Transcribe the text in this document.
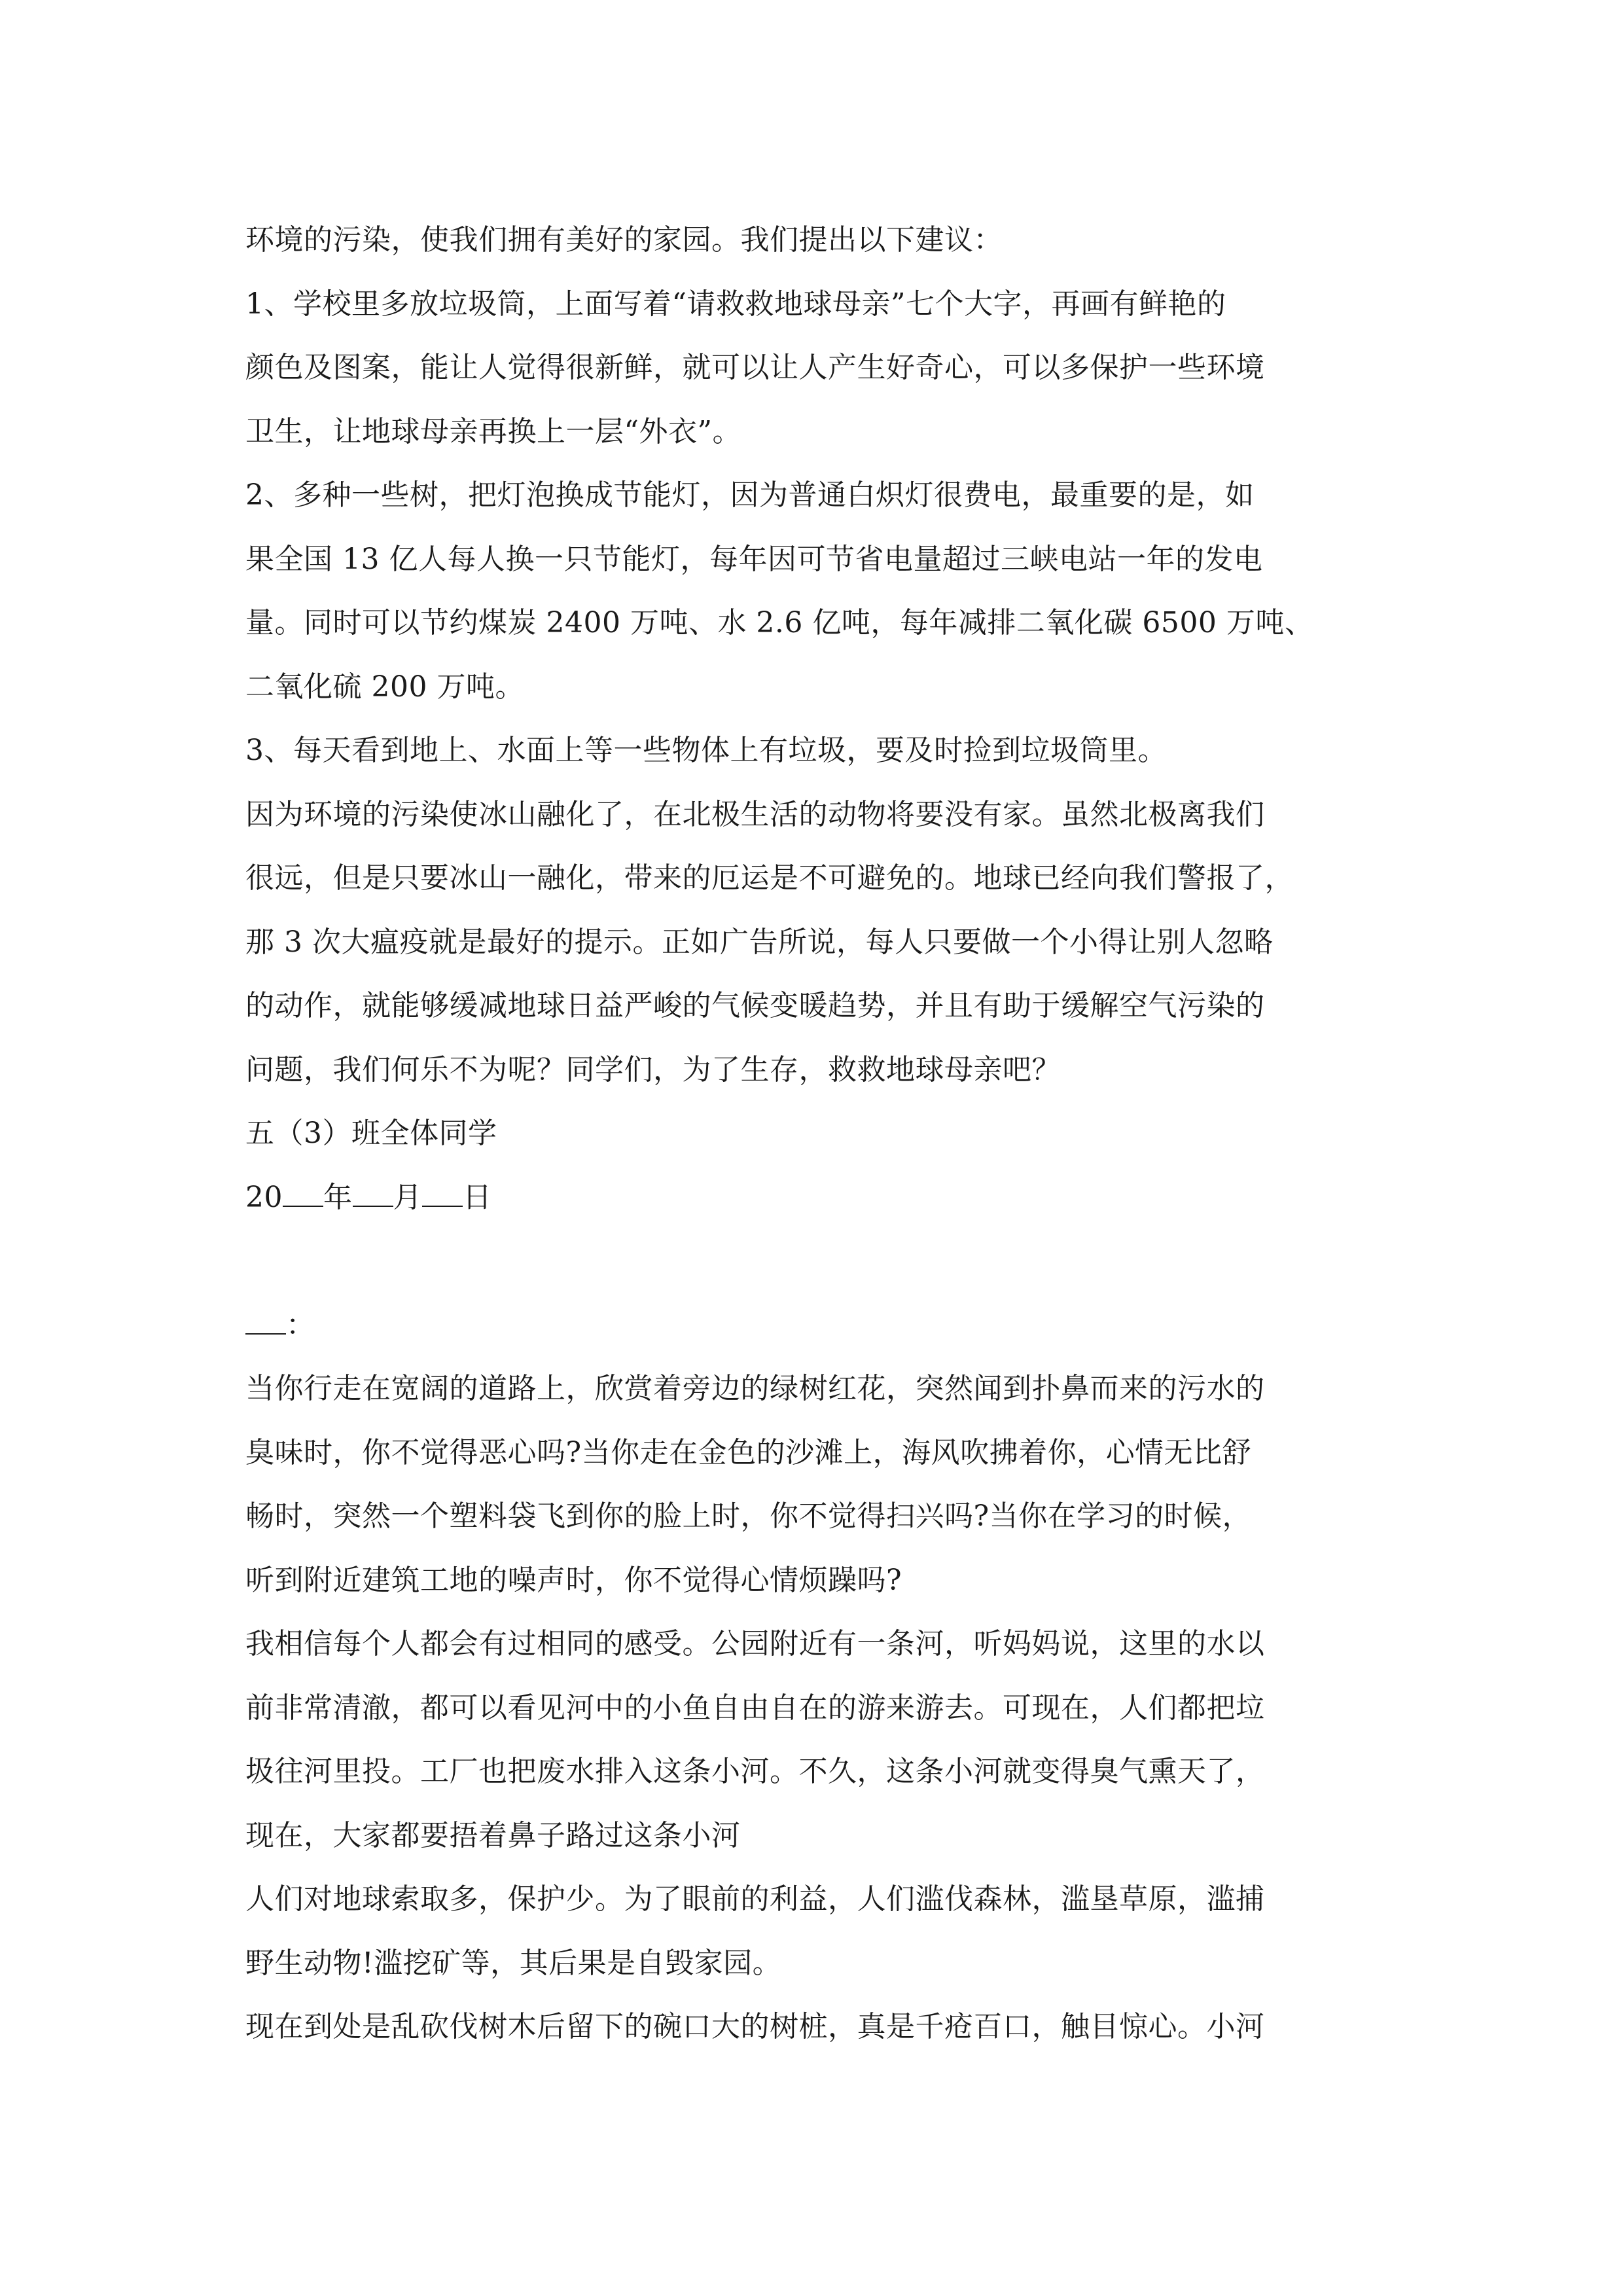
环境的污染，使我们拥有美好的家园。我们提出以下建议：
1、学校里多放垃圾筒，上面写着“请救救地球母亲”七个大字，再画有鲜艳的
颜色及图案，能让人觉得很新鲜，就可以让人产生好奇心，可以多保护一些环境
卫生，让地球母亲再换上一层“外衣”。
2、多种一些树，把灯泡换成节能灯，因为普通白炽灯很费电，最重要的是，如
果全国 13 亿人每人换一只节能灯，每年因可节省电量超过三峡电站一年的发电
量。同时可以节约煤炭 2400 万吨、水 2.6 亿吨，每年减排二氧化碳 6500 万吨、
二氧化硫 200 万吨。
3、每天看到地上、水面上等一些物体上有垃圾，要及时捡到垃圾筒里。
因为环境的污染使冰山融化了，在北极生活的动物将要没有家。虽然北极离我们
很远，但是只要冰山一融化，带来的厄运是不可避免的。地球已经向我们警报了，
那 3 次大瘟疫就是最好的提示。正如广告所说，每人只要做一个小得让别人忽略
的动作，就能够缓减地球日益严峻的气候变暖趋势，并且有助于缓解空气污染的
问题，我们何乐不为呢？同学们，为了生存，救救地球母亲吧？
五（3）班全体同学
20 年 月 日
：
当你行走在宽阔的道路上，欣赏着旁边的绿树红花，突然闻到扑鼻而来的污水的
臭味时，你不觉得恶心吗?当你走在金色的沙滩上，海风吹拂着你，心情无比舒
畅时，突然一个塑料袋飞到你的脸上时，你不觉得扫兴吗?当你在学习的时候，
听到附近建筑工地的噪声时，你不觉得心情烦躁吗?
我相信每个人都会有过相同的感受。公园附近有一条河，听妈妈说，这里的水以
前非常清澈，都可以看见河中的小鱼自由自在的游来游去。可现在，人们都把垃
圾往河里投。工厂也把废水排入这条小河。不久，这条小河就变得臭气熏天了，
现在，大家都要捂着鼻子路过这条小河
人们对地球索取多，保护少。为了眼前的利益，人们滥伐森林，滥垦草原，滥捕
野生动物!滥挖矿等，其后果是自毁家园。
现在到处是乱砍伐树木后留下的碗口大的树桩，真是千疮百口，触目惊心。小河
